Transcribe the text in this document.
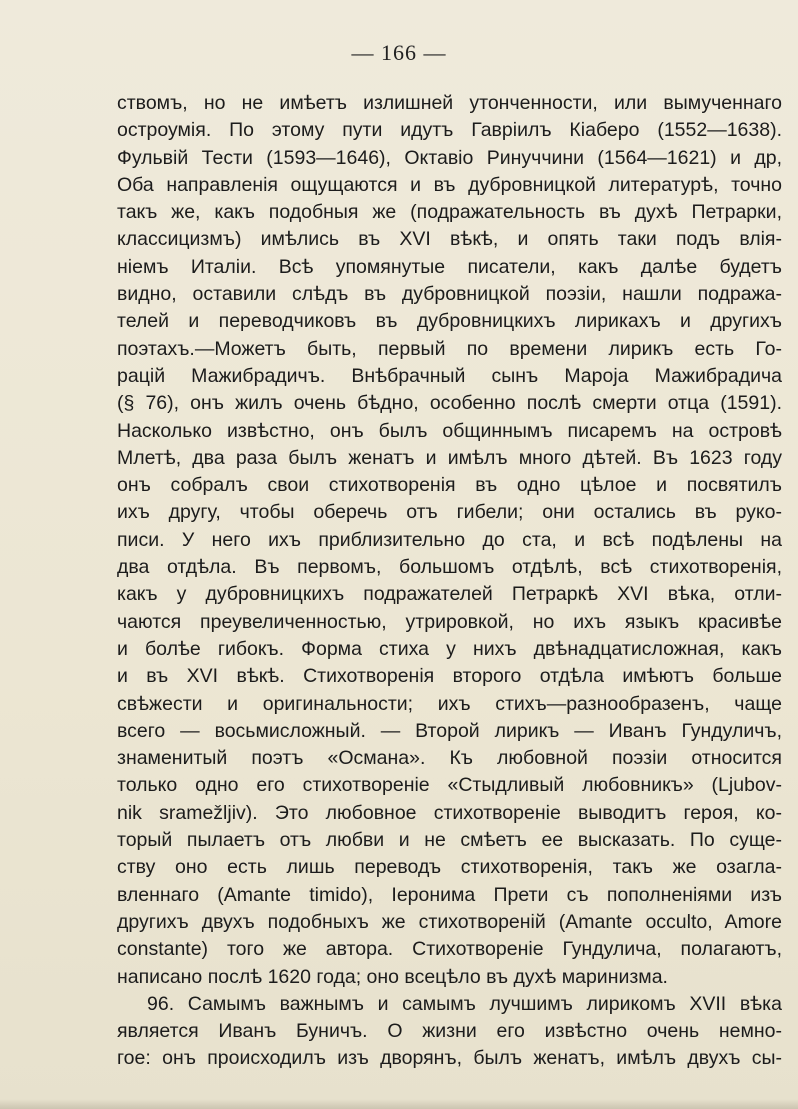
— 166 —
ствомъ, но не имѣетъ излишней утонченности, или вымученнаго
остроумія. По этому пути идутъ Гавріилъ Кіаберо (1552—1638).
Фульвій Тести (1593—1646), Октавіо Ринуччини (1564—1621) и др,
Оба направленія ощущаются и въ дубровницкой литературѣ, точно
такъ же, какъ подобныя же (подражательность въ духѣ Петрарки,
классицизмъ) имѣлись въ XVI вѣкѣ, и опять таки подъ влія-
ніемъ Италіи. Всѣ упомянутые писатели, какъ далѣе будетъ
видно, оставили слѣдъ въ дубровницкой поэзіи, нашли подража-
телей и переводчиковъ въ дубровницкихъ лирикахъ и другихъ
поэтахъ.—Можетъ быть, первый по времени лирикъ есть Го-
рацій Мажибрадичъ. Внѣбрачный сынъ Мароја Мажибрадича
(§ 76), онъ жилъ очень бѣдно, особенно послѣ смерти отца (1591).
Насколько извѣстно, онъ былъ общиннымъ писаремъ на островѣ
Млетѣ, два раза былъ женатъ и имѣлъ много дѣтей. Въ 1623 году
онъ собралъ свои стихотворенія въ одно цѣлое и посвятилъ
ихъ другу, чтобы оберечь отъ гибели; они остались въ руко-
писи. У него ихъ приблизительно до ста, и всѣ подѣлены на
два отдѣла. Въ первомъ, большомъ отдѣлѣ, всѣ стихотворенія,
какъ у дубровницкихъ подражателей Петраркѣ XVI вѣка, отли-
чаются преувеличенностью, утрировкой, но ихъ языкъ красивѣе
и болѣе гибокъ. Форма стиха у нихъ двѣнадцатисложная, какъ
и въ XVI вѣкѣ. Стихотворенія второго отдѣла имѣютъ больше
свѣжести и оригинальности; ихъ стихъ—разнообразенъ, чаще
всего — восьмисложный. — Второй лирикъ — Иванъ Гундуличъ,
знаменитый поэтъ «Османа». Къ любовной поэзіи относится
только одно его стихотвореніе «Стыдливый любовникъ» (Ljubov-
nik sramežljiv). Это любовное стихотвореніе выводитъ героя, ко-
торый пылаетъ отъ любви и не смѣетъ ее высказать. По суще-
ству оно есть лишь переводъ стихотворенія, такъ же озагла-
вленнаго (Amante timido), Іеронима Прети съ пополненіями изъ
другихъ двухъ подобныхъ же стихотвореній (Amante occulto, Amore
constante) того же автора. Стихотвореніе Гундулича, полагаютъ,
написано послѣ 1620 года; оно всецѣло въ духѣ маринизма.
96. Самымъ важнымъ и самымъ лучшимъ лирикомъ XVII вѣка
является Иванъ Буничъ. О жизни его извѣстно очень немно-
гое: онъ происходилъ изъ дворянъ, былъ женатъ, имѣлъ двухъ сы-
